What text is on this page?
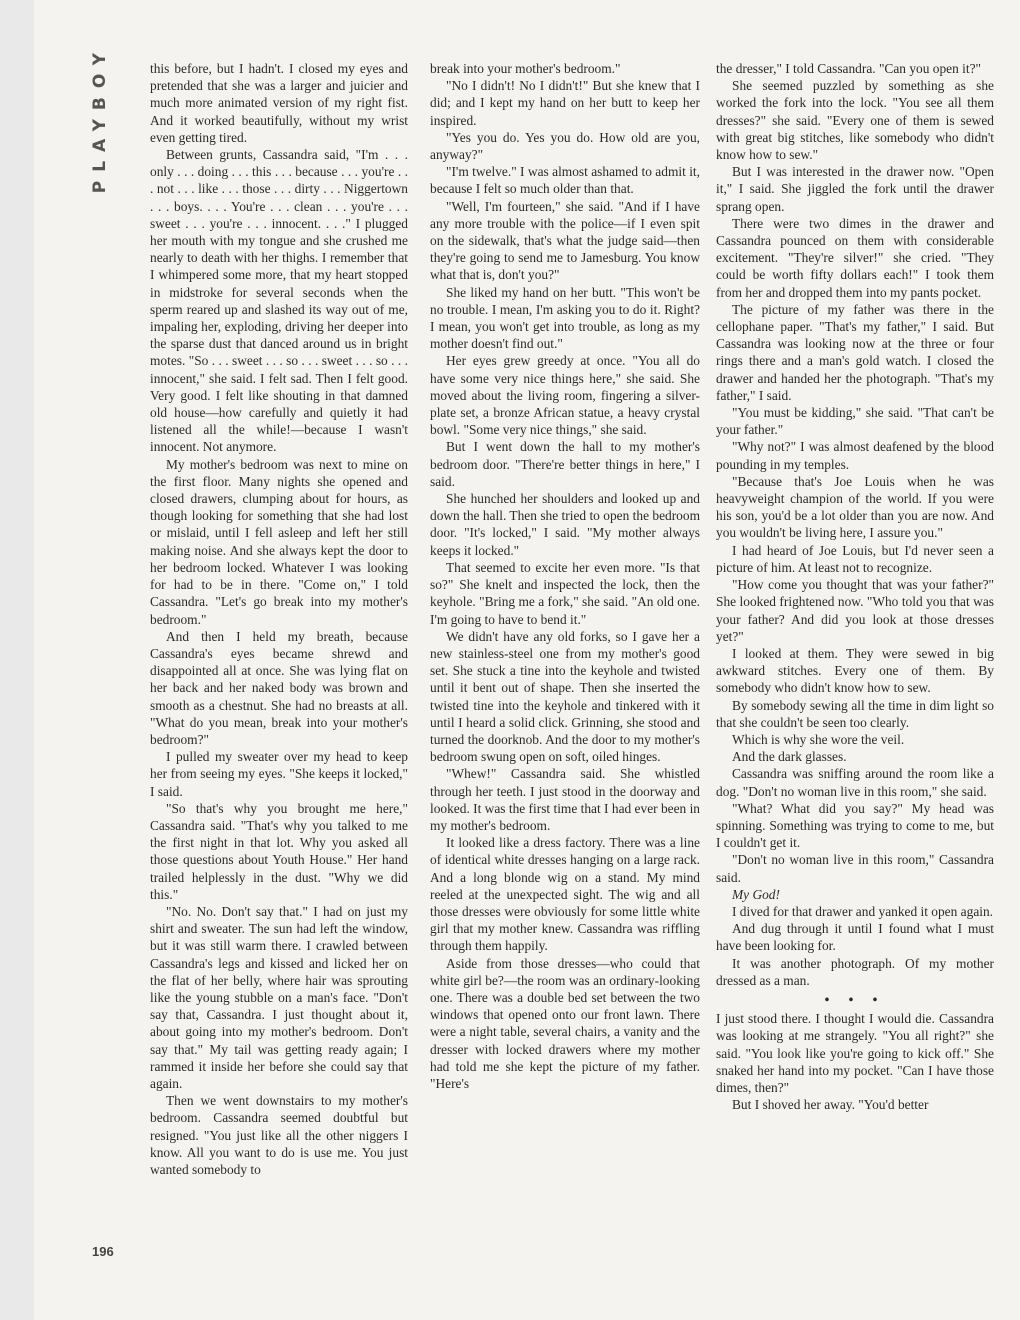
PLAYBOY	this before, but I hadn't. I closed my eyes and pretended that she was a larger and juicier and much more animated version of my right fist. And it worked beautifully, without my wrist even getting tired.

Between grunts, Cassandra said, "I'm . . . only . . . doing . . . this . . . because . . . you're . . . not . . . like . . . those . . . dirty . . . Niggertown . . . boys. . . . You're . . . clean . . . you're . . . sweet . . . you're . . . innocent. . . ." I plugged her mouth with my tongue and she crushed me nearly to death with her thighs. I remember that I whimpered some more, that my heart stopped in midstroke for several seconds when the sperm reared up and slashed its way out of me, impaling her, exploding, driving her deeper into the sparse dust that danced around us in bright motes. "So . . . sweet . . . so . . . sweet . . . so . . . innocent," she said. I felt sad. Then I felt good. Very good. I felt like shouting in that damned old house—how carefully and quietly it had listened all the while!—because I wasn't innocent. Not anymore.

My mother's bedroom was next to mine on the first floor. Many nights she opened and closed drawers, clumping about for hours, as though looking for something that she had lost or mislaid, until I fell asleep and left her still making noise. And she always kept the door to her bedroom locked. Whatever I was looking for had to be in there. "Come on," I told Cassandra. "Let's go break into my mother's bedroom."

And then I held my breath, because Cassandra's eyes became shrewd and disappointed all at once. She was lying flat on her back and her naked body was brown and smooth as a chestnut. She had no breasts at all. "What do you mean, break into your mother's bedroom?"

I pulled my sweater over my head to keep her from seeing my eyes. "She keeps it locked," I said.

"So that's why you brought me here," Cassandra said. "That's why you talked to me the first night in that lot. Why you asked all those questions about Youth House." Her hand trailed helplessly in the dust. "Why we did this."

"No. No. Don't say that." I had on just my shirt and sweater. The sun had left the window, but it was still warm there. I crawled between Cassandra's legs and kissed and licked her on the flat of her belly, where hair was sprouting like the young stubble on a man's face. "Don't say that, Cassandra. I just thought about it, about going into my mother's bedroom. Don't say that." My tail was getting ready again; I rammed it inside her before she could say that again.

Then we went downstairs to my mother's bedroom. Cassandra seemed doubtful but resigned. "You just like all the other niggers I know. All you want to do is use me. You just wanted somebody to

break into your mother's bedroom."

"No I didn't! No I didn't!" But she knew that I did; and I kept my hand on her butt to keep her inspired.

"Yes you do. Yes you do. How old are you, anyway?"

"I'm twelve." I was almost ashamed to admit it, because I felt so much older than that.

"Well, I'm fourteen," she said. "And if I have any more trouble with the police—if I even spit on the sidewalk, that's what the judge said—then they're going to send me to Jamesburg. You know what that is, don't you?"

She liked my hand on her butt. "This won't be no trouble. I mean, I'm asking you to do it. Right? I mean, you won't get into trouble, as long as my mother doesn't find out."

Her eyes grew greedy at once. "You all do have some very nice things here," she said. She moved about the living room, fingering a silver-plate set, a bronze African statue, a heavy crystal bowl. "Some very nice things," she said.

But I went down the hall to my mother's bedroom door. "There're better things in here," I said.

She hunched her shoulders and looked up and down the hall. Then she tried to open the bedroom door. "It's locked," I said. "My mother always keeps it locked."

That seemed to excite her even more. "Is that so?" She knelt and inspected the lock, then the keyhole. "Bring me a fork," she said. "An old one. I'm going to have to bend it."

We didn't have any old forks, so I gave her a new stainless-steel one from my mother's good set. She stuck a tine into the keyhole and twisted until it bent out of shape. Then she inserted the twisted tine into the keyhole and tinkered with it until I heard a solid click. Grinning, she stood and turned the doorknob. And the door to my mother's bedroom swung open on soft, oiled hinges.

"Whew!" Cassandra said. She whistled through her teeth. I just stood in the doorway and looked. It was the first time that I had ever been in my mother's bedroom.

It looked like a dress factory. There was a line of identical white dresses hanging on a large rack. And a long blonde wig on a stand. My mind reeled at the unexpected sight. The wig and all those dresses were obviously for some little white girl that my mother knew. Cassandra was riffling through them happily.

Aside from those dresses—who could that white girl be?—the room was an ordinary-looking one. There was a double bed set between the two windows that opened onto our front lawn. There were a night table, several chairs, a vanity and the dresser with locked drawers where my mother had told me she kept the picture of my father. "Here's

the dresser," I told Cassandra. "Can you open it?"

She seemed puzzled by something as she worked the fork into the lock. "You see all them dresses?" she said. "Every one of them is sewed with great big stitches, like somebody who didn't know how to sew."

But I was interested in the drawer now. "Open it," I said. She jiggled the fork until the drawer sprang open.

There were two dimes in the drawer and Cassandra pounced on them with considerable excitement. "They're silver!" she cried. "They could be worth fifty dollars each!" I took them from her and dropped them into my pants pocket.

The picture of my father was there in the cellophane paper. "That's my father," I said. But Cassandra was looking now at the three or four rings there and a man's gold watch. I closed the drawer and handed her the photograph. "That's my father," I said.

"You must be kidding," she said. "That can't be your father."

"Why not?" I was almost deafened by the blood pounding in my temples.

"Because that's Joe Louis when he was heavyweight champion of the world. If you were his son, you'd be a lot older than you are now. And you wouldn't be living here, I assure you."

I had heard of Joe Louis, but I'd never seen a picture of him. At least not to recognize.

"How come you thought that was your father?" She looked frightened now. "Who told you that was your father? And did you look at those dresses yet?"

I looked at them. They were sewed in big awkward stitches. Every one of them. By somebody who didn't know how to sew.

By somebody sewing all the time in dim light so that she couldn't be seen too clearly.

Which is why she wore the veil.

And the dark glasses.

Cassandra was sniffing around the room like a dog. "Don't no woman live in this room," she said.

"What? What did you say?" My head was spinning. Something was trying to come to me, but I couldn't get it.

"Don't no woman live in this room," Cassandra said.

My God!

I dived for that drawer and yanked it open again.

And dug through it until I found what I must have been looking for.

It was another photograph. Of my mother dressed as a man.

• • •

I just stood there. I thought I would die. Cassandra was looking at me strangely. "You all right?" she said. "You look like you're going to kick off." She snaked her hand into my pocket. "Can I have those dimes, then?"

But I shoved her away. "You'd better

196
